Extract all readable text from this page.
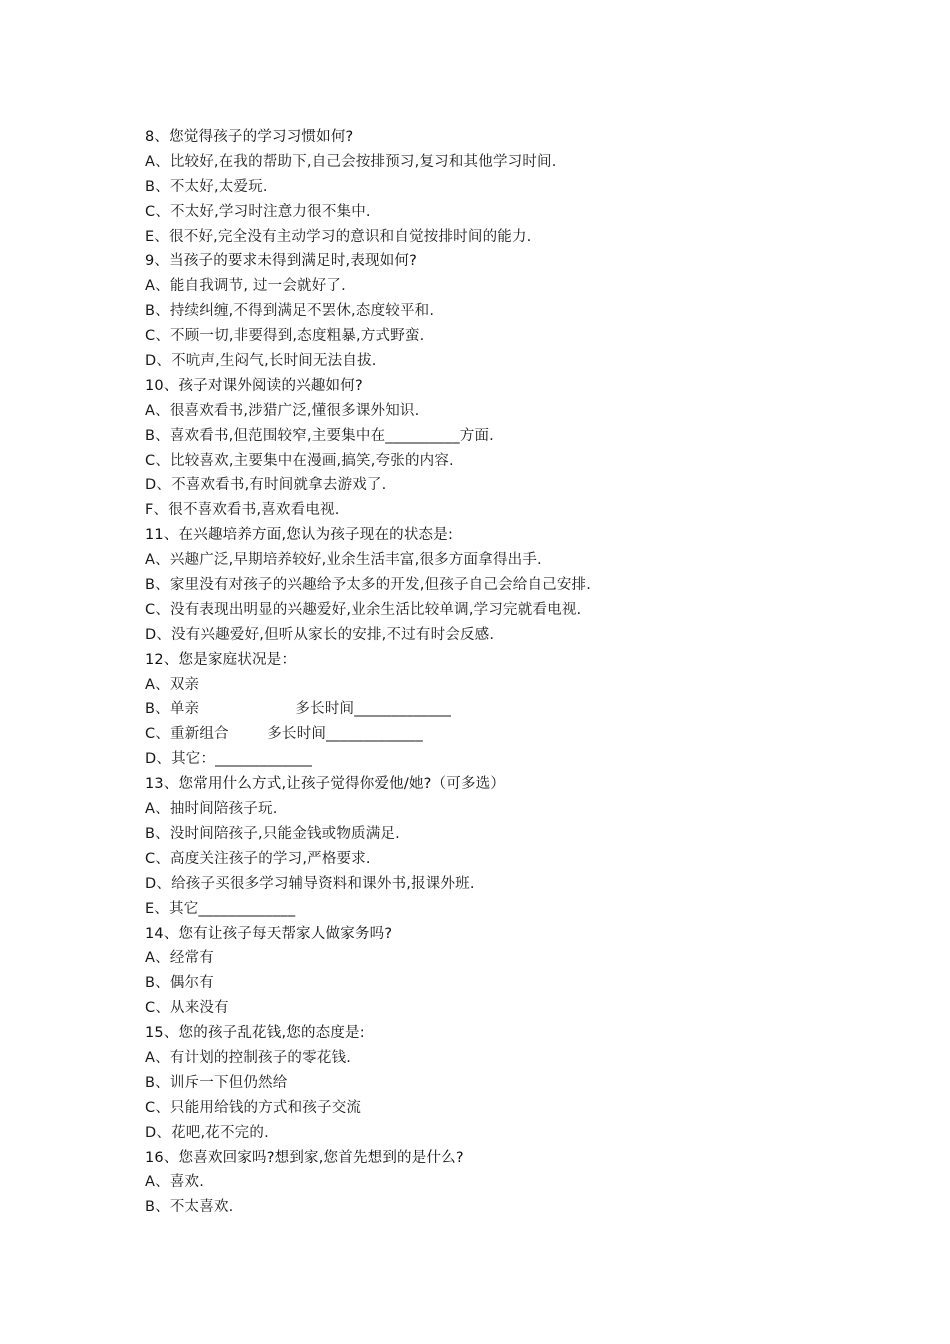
8、您觉得孩子的学习习惯如何?
A、比较好,在我的帮助下,自己会按排预习,复习和其他学习时间.
B、不太好,太爱玩.
C、不太好,学习时注意力很不集中.
E、很不好,完全没有主动学习的意识和自觉按排时间的能力.
9、当孩子的要求未得到满足时,表现如何?
A、能自我调节, 过一会就好了.
B、持续纠缠,不得到满足不罢休,态度较平和.
C、不顾一切,非要得到,态度粗暴,方式野蛮.
D、不吭声,生闷气,长时间无法自拔.
10、孩子对课外阅读的兴趣如何?
A、很喜欢看书,涉猎广泛,懂很多课外知识.
B、喜欢看书,但范围较窄,主要集中在__________方面.
C、比较喜欢,主要集中在漫画,搞笑,夸张的内容.
D、不喜欢看书,有时间就拿去游戏了.
F、很不喜欢看书,喜欢看电视.
11、在兴趣培养方面,您认为孩子现在的状态是:
A、兴趣广泛,早期培养较好,业余生活丰富,很多方面拿得出手.
B、家里没有对孩子的兴趣给予太多的开发,但孩子自己会给自己安排.
C、没有表现出明显的兴趣爱好,业余生活比较单调,学习完就看电视.
D、没有兴趣爱好,但听从家长的安排,不过有时会反感.
12、您是家庭状况是：
A、双亲
B、单亲                    多长时间_____________
C、重新组合        多长时间_____________
D、其它：_____________
13、您常用什么方式,让孩子觉得你爱他/她?（可多选）
A、抽时间陪孩子玩.
B、没时间陪孩子,只能金钱或物质满足.
C、高度关注孩子的学习,严格要求.
D、给孩子买很多学习辅导资料和课外书,报课外班.
E、其它_____________
14、您有让孩子每天帮家人做家务吗?
A、经常有
B、偶尔有
C、从来没有
15、您的孩子乱花钱,您的态度是:
A、有计划的控制孩子的零花钱.
B、训斥一下但仍然给
C、只能用给钱的方式和孩子交流
D、花吧,花不完的.
16、您喜欢回家吗?想到家,您首先想到的是什么?
A、喜欢.
B、不太喜欢.
